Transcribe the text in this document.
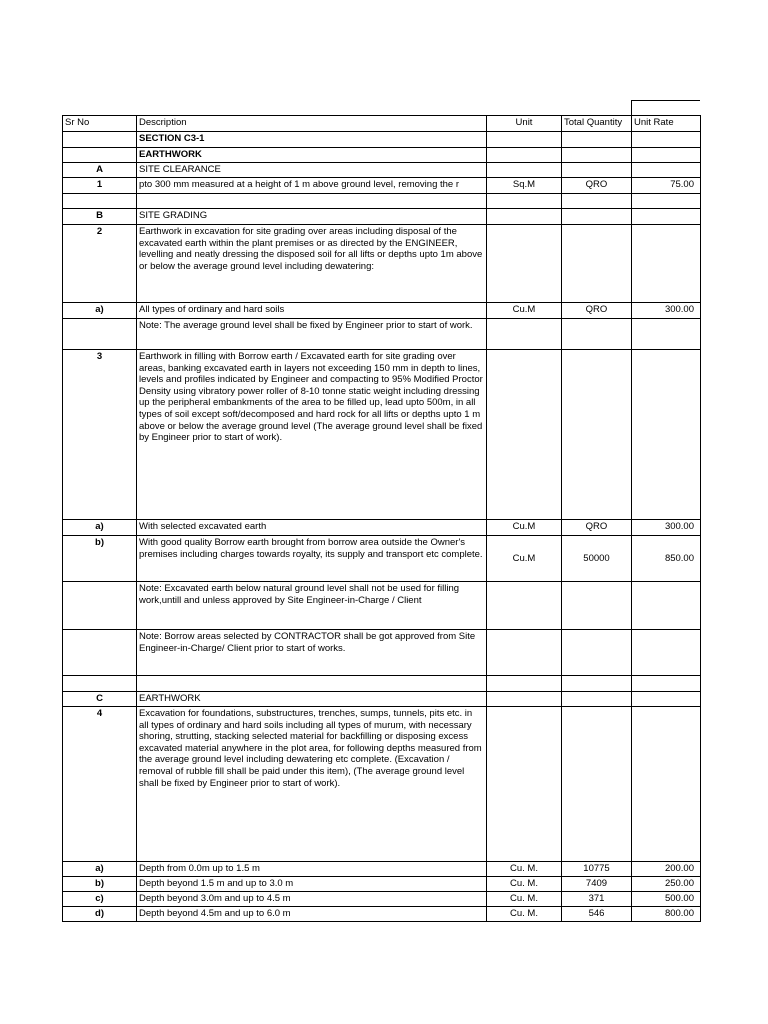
Sr No	Description	Unit	Total Quantity	Unit Rate
	SECTION C3-1			
	EARTHWORK			
A	SITE CLEARANCE			
1	pto 300 mm measured at a height of 1 m above ground level, removing the r	Sq.M	QRO	75.00

B	SITE GRADING			
2	Earthwork in excavation for site grading over areas including disposal of the excavated earth within the plant premises or as directed by the ENGINEER, levelling and neatly dressing the disposed soil for all lifts or depths upto 1m above or below the average ground level including dewatering:			
a)	All types of ordinary and hard soils	Cu.M	QRO	300.00
	Note: The average ground level shall be fixed by Engineer prior to start of work.			
3	Earthwork in filling with Borrow earth / Excavated earth for site grading over areas, banking excavated earth in layers not exceeding 150 mm in depth to lines, levels and profiles indicated by Engineer and compacting to 95% Modified Proctor Density using vibratory power roller of 8-10 tonne static weight including dressing up the peripheral embankments of the area to be filled up, lead upto 500m, in all types of soil except soft/decomposed and hard rock for all lifts or depths upto 1 m above or below the average ground level (The average ground level shall be fixed by Engineer prior to start of work).			
a)	With selected excavated earth	Cu.M	QRO	300.00
b)	With good quality Borrow earth brought from borrow area outside the Owner's premises including charges towards royalty, its supply and transport etc complete.	Cu.M	50000	850.00
	Note: Excavated earth below natural ground level shall not be used for filling work,untill and unless approved by Site Engineer-in-Charge / Client			
	Note: Borrow areas selected by CONTRACTOR shall be got approved from Site Engineer-in-Charge/ Client prior to start of works.			

C	EARTHWORK			
4	Excavation for foundations, substructures, trenches, sumps, tunnels, pits etc. in all types of ordinary and hard soils including all types of murum, with necessary shoring, strutting, stacking selected material for backfilling or disposing excess excavated material anywhere in the plot area, for following depths measured from the average ground level including dewatering etc complete. (Excavation / removal of rubble fill shall be paid under this item), (The average ground level shall be fixed by Engineer prior to start of work).			
a)	Depth from 0.0m up to 1.5 m	Cu. M.	10775	200.00
b)	Depth beyond 1.5 m and up to 3.0 m	Cu. M.	7409	250.00
c)	Depth beyond 3.0m and up to 4.5 m	Cu. M.	371	500.00
d)	Depth beyond 4.5m and up to 6.0 m	Cu. M.	546	800.00
